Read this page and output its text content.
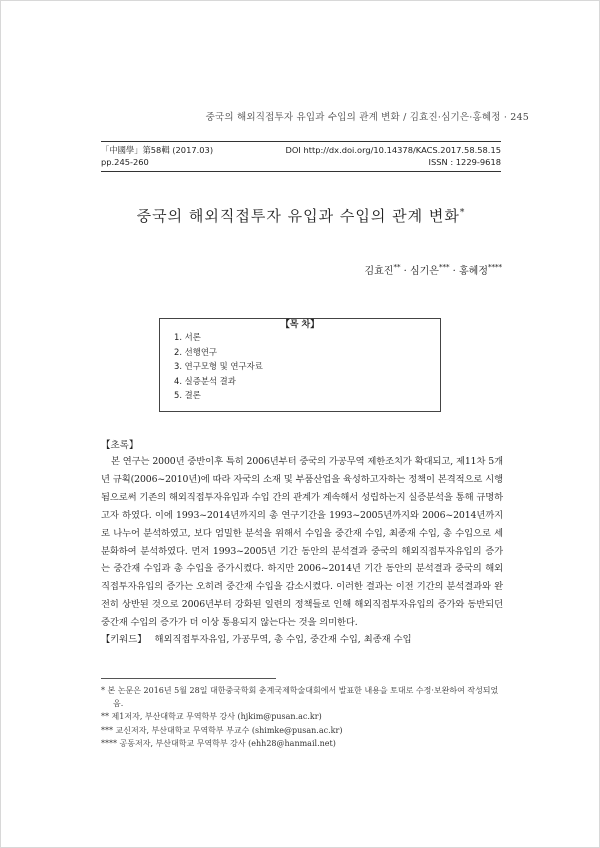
중국의 해외직접투자 유입과 수입의 관계 변화 / 김효진·심기은·홍혜정 · 245
「中國學」第58輯 (2017.03)	DOI http://dx.doi.org/10.14378/KACS.2017.58.58.15
pp.245-260	ISSN : 1229-9618
중국의 해외직접투자 유입과 수입의 관계 변화*
김효진** · 심기은*** · 홍혜정****
【목 차】
1. 서론
2. 선행연구
3. 연구모형 및 연구자료
4. 실증분석 결과
5. 결론
【초록】
본 연구는 2000년 중반이후 특히 2006년부터 중국의 가공무역 제한조치가 확대되고, 제11차 5개년 규획(2006~2010년)에 따라 자국의 소재 및 부품산업을 육성하고자하는 정책이 본격적으로 시행됨으로써 기존의 해외직접투자유입과 수입 간의 관계가 계속해서 성립하는지 실증분석을 통해 규명하고자 하였다. 이에 1993~2014년까지의 총 연구기간을 1993~2005년까지와 2006~2014년까지로 나누어 분석하였고, 보다 엄밀한 분석을 위해서 수입을 중간재 수입, 최종재 수입, 총 수입으로 세분화하여 분석하였다. 먼저 1993~2005년 기간 동안의 분석결과 중국의 해외직접투자유입의 증가는 중간재 수입과 총 수입을 증가시켰다. 하지만 2006~2014년 기간 동안의 분석결과 중국의 해외직접투자유입의 증가는 오히려 중간재 수입을 감소시켰다. 이러한 결과는 이전 기간의 분석결과와 완전히 상반된 것으로 2006년부터 강화된 일련의 정책들로 인해 해외직접투자유입의 증가와 동반되던 중간재 수입의 증가가 더 이상 통용되지 않는다는 것을 의미한다.
【키워드】 해외직접투자유입, 가공무역, 총 수입, 중간재 수입, 최종재 수입
* 본 논문은 2016년 5월 28일 대한중국학회 춘계국제학술대회에서 발표한 내용을 토대로 수정·보완하여 작성되었음.
** 제1저자, 부산대학교 무역학부 강사 (hjkim@pusan.ac.kr)
*** 교신저자, 부산대학교 무역학부 부교수 (shimke@pusan.ac.kr)
**** 공동저자, 부산대학교 무역학부 강사 (ehh28@hanmail.net)
